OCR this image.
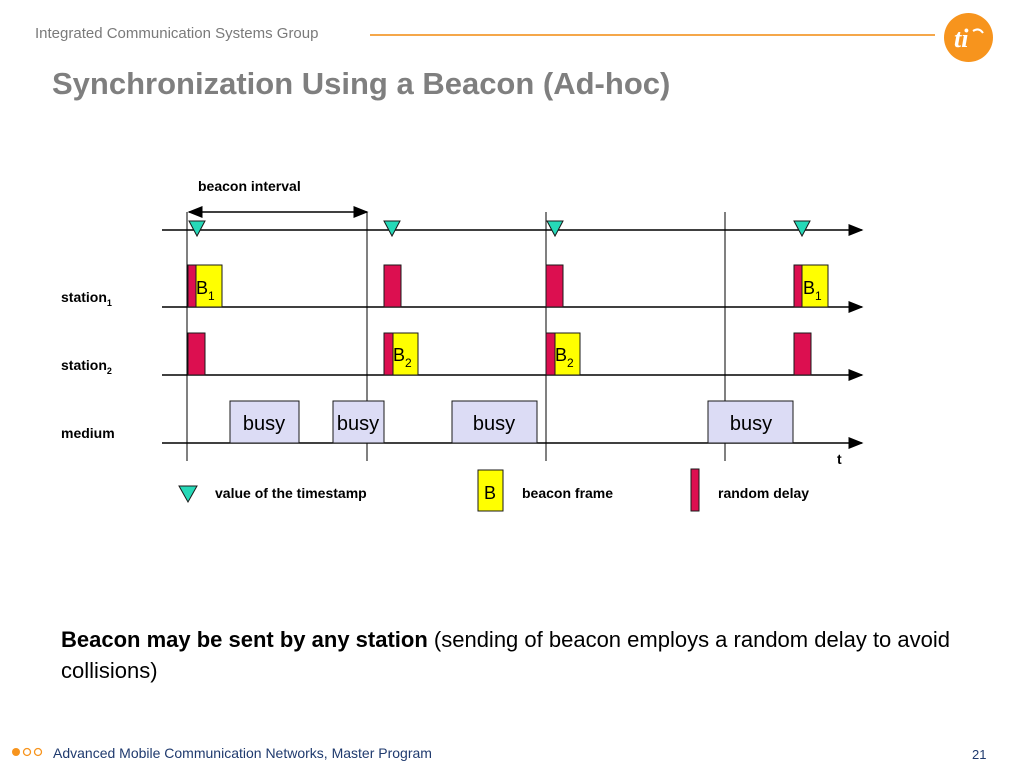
Integrated Communication Systems Group	ti
Synchronization Using a Beacon (Ad-hoc)
beacon interval
$B_1$	$B_1$
$B_2$	$B_2$
busy	busy	busy	busy
station$_1$
station$_2$
medium
t
value of the timestamp	B beacon frame	random delay
Beacon may be sent by any station (sending of beacon employs a random delay to avoid collisions)
Advanced Mobile Communication Networks, Master Program	21
